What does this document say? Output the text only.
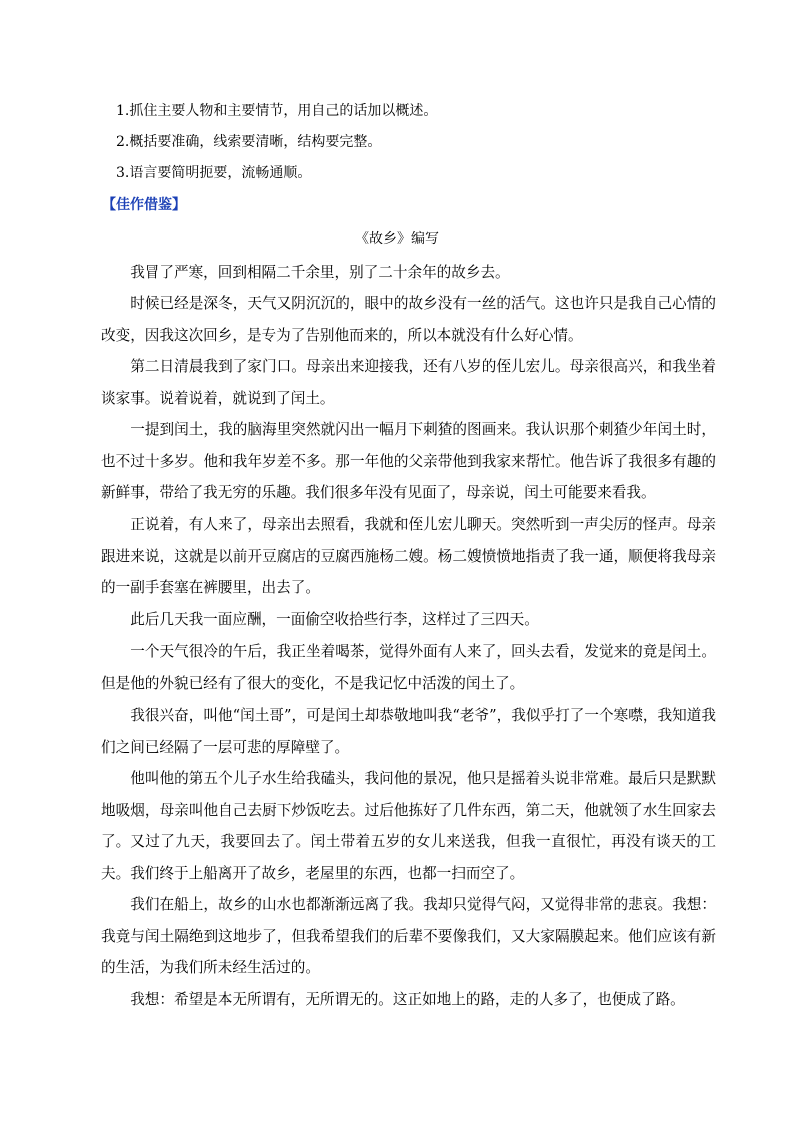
1.抓住主要人物和主要情节，用自己的话加以概述。
2.概括要准确，线索要清晰，结构要完整。
3.语言要简明扼要，流畅通顺。
【佳作借鉴】
《故乡》编写
我冒了严寒，回到相隔二千余里，别了二十余年的故乡去。
时候已经是深冬，天气又阴沉沉的，眼中的故乡没有一丝的活气。这也许只是我自己心情的改变，因我这次回乡，是专为了告别他而来的，所以本就没有什么好心情。
第二日清晨我到了家门口。母亲出来迎接我，还有八岁的侄儿宏儿。母亲很高兴，和我坐着谈家事。说着说着，就说到了闰土。
一提到闰土，我的脑海里突然就闪出一幅月下刺猹的图画来。我认识那个刺猹少年闰土时，也不过十多岁。他和我年岁差不多。那一年他的父亲带他到我家来帮忙。他告诉了我很多有趣的新鲜事，带给了我无穷的乐趣。我们很多年没有见面了，母亲说，闰土可能要来看我。
正说着，有人来了，母亲出去照看，我就和侄儿宏儿聊天。突然听到一声尖厉的怪声。母亲跟进来说，这就是以前开豆腐店的豆腐西施杨二嫂。杨二嫂愤愤地指责了我一通，顺便将我母亲的一副手套塞在裤腰里，出去了。
此后几天我一面应酬，一面偷空收拾些行李，这样过了三四天。
一个天气很冷的午后，我正坐着喝茶，觉得外面有人来了，回头去看，发觉来的竟是闰土。但是他的外貌已经有了很大的变化，不是我记忆中活泼的闰土了。
我很兴奋，叫他“闰土哥”，可是闰土却恭敬地叫我“老爷”，我似乎打了一个寒噤，我知道我们之间已经隔了一层可悲的厚障壁了。
他叫他的第五个儿子水生给我磕头，我问他的景况，他只是摇着头说非常难。最后只是默默地吸烟，母亲叫他自己去厨下炒饭吃去。过后他拣好了几件东西，第二天，他就领了水生回家去了。 又过了九天，我要回去了。闰土带着五岁的女儿来送我，但我一直很忙，再没有谈天的工夫。我们终于上船离开了故乡，老屋里的东西，也都一扫而空了。
我们在船上，故乡的山水也都渐渐远离了我。我却只觉得气闷，又觉得非常的悲哀。我想：我竟与闰土隔绝到这地步了，但我希望我们的后辈不要像我们，又大家隔膜起来。他们应该有新的生活，为我们所未经生活过的。
我想：希望是本无所谓有，无所谓无的。这正如地上的路，走的人多了，也便成了路。
